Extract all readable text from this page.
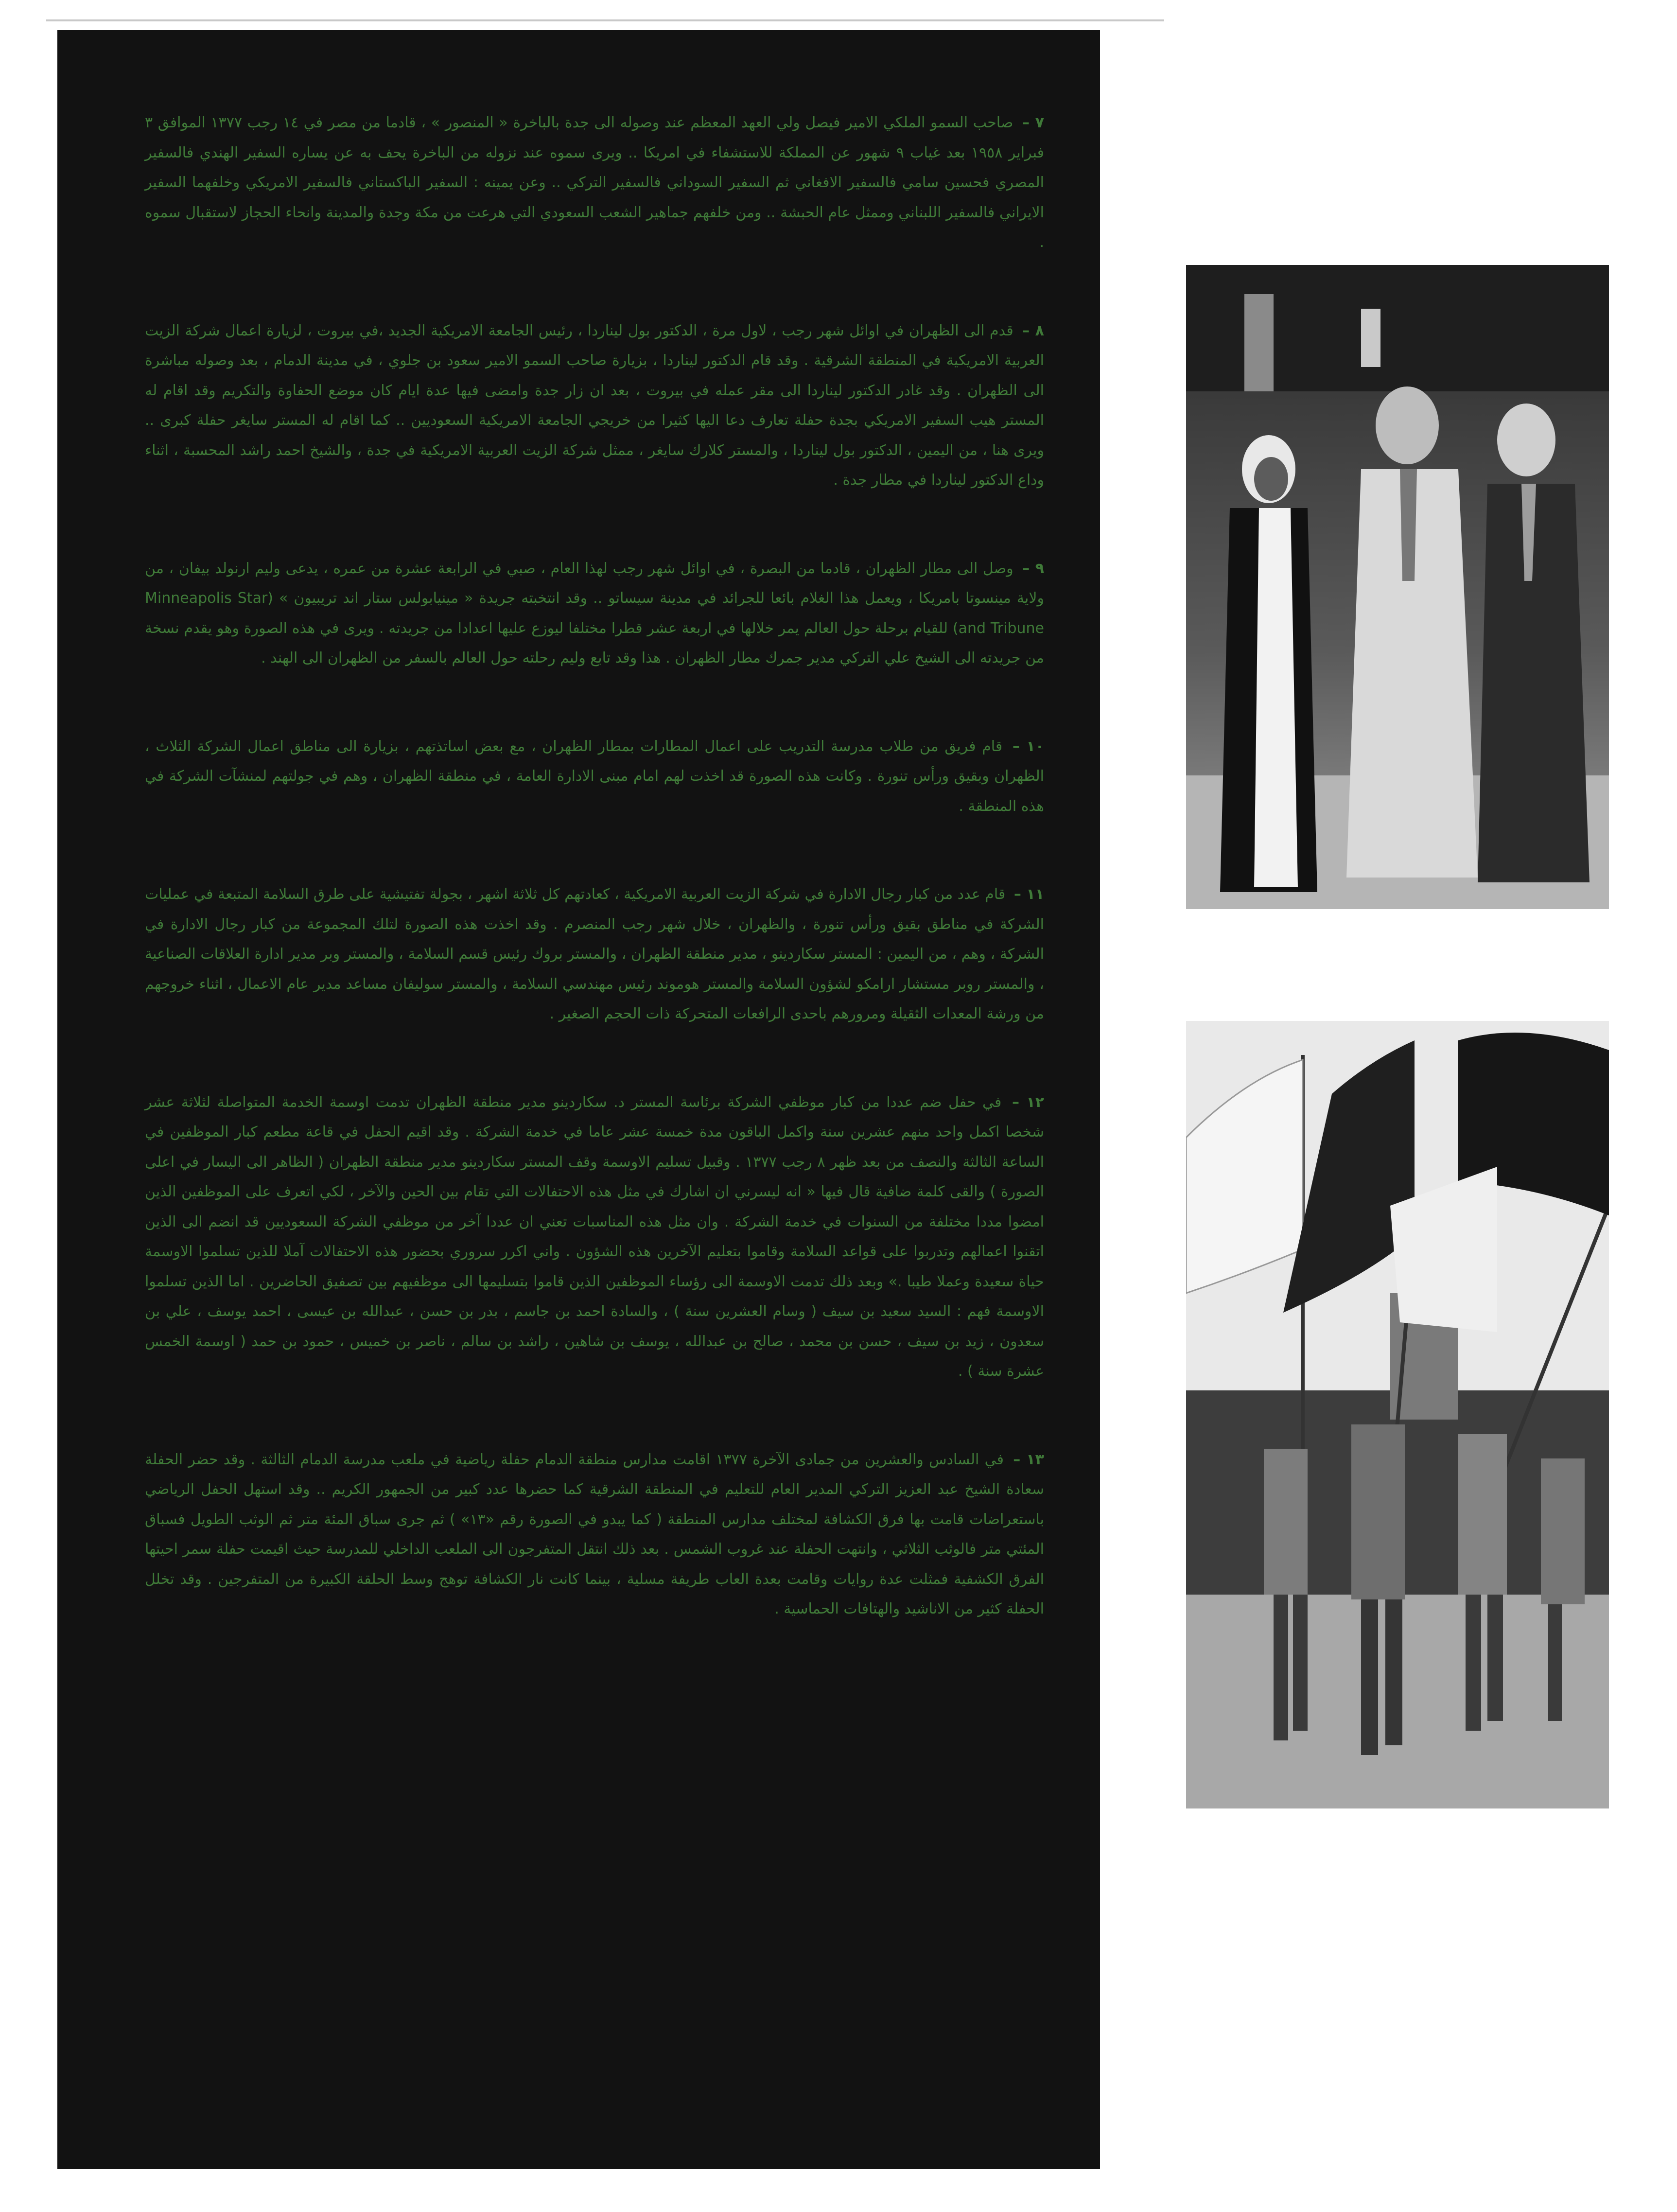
٧ – صاحب السمو الملكي الامير فيصل ولي العهد المعظم عند وصوله الى جدة بالباخرة « المنصور » ، قادما من مصر في ١٤ رجب ١٣٧٧ الموافق ٣ فبراير ١٩٥٨ بعد غياب ٩ شهور عن المملكة للاستشفاء في امريكا .. ويرى سموه عند نزوله من الباخرة يحف به عن يساره السفير الهندي فالسفير المصري فحسين سامي فالسفير الافغاني ثم السفير السوداني فالسفير التركي .. وعن يمينه : السفير الباكستاني فالسفير الامريكي وخلفهما السفير الايراني فالسفير اللبناني وممثل عام الحبشة .. ومن خلفهم جماهير الشعب السعودي التي هرعت من مكة وجدة والمدينة وانحاء الحجاز لاستقبال سموه .

٨ – قدم الى الظهران في اوائل شهر رجب ، لاول مرة ، الدكتور بول ليناردا ، رئيس الجامعة الامريكية الجديد ،في بيروت ، لزيارة اعمال شركة الزيت العربية الامريكية في المنطقة الشرقية . وقد قام الدكتور ليناردا ، بزيارة صاحب السمو الامير سعود بن جلوي ، في مدينة الدمام ، بعد وصوله مباشرة الى الظهران . وقد غادر الدكتور ليناردا الى مقر عمله في بيروت ، بعد ان زار جدة وامضى فيها عدة ايام كان موضع الحفاوة والتكريم وقد اقام له المستر هيب السفير الامريكي بجدة حفلة تعارف دعا اليها كثيرا من خريجي الجامعة الامريكية السعوديين .. كما اقام له المستر سايغر حفلة كبرى .. ويرى هنا ، من اليمين ، الدكتور بول ليناردا ، والمستر كلارك سايغر ، ممثل شركة الزيت العربية الامريكية في جدة ، والشيخ احمد راشد المحسبة ، اثناء وداع الدكتور ليناردا في مطار جدة .

٩ – وصل الى مطار الظهران ، قادما من البصرة ، في اوائل شهر رجب لهذا العام ، صبي في الرابعة عشرة من عمره ، يدعى وليم ارنولد بيفان ، من ولاية مينسوتا بامريكا ، ويعمل هذا الغلام بائعا للجرائد في مدينة سيساتو .. وقد انتخبته جريدة « مينيابولس ستار اند تريبيون » (Minneapolis Star and Tribune) للقيام برحلة حول العالم يمر خلالها في اربعة عشر قطرا مختلفا ليوزع عليها اعدادا من جريدته . ويرى في هذه الصورة وهو يقدم نسخة من جريدته الى الشيخ علي التركي مدير جمرك مطار الظهران . هذا وقد تابع وليم رحلته حول العالم بالسفر من الظهران الى الهند .

١٠ – قام فريق من طلاب مدرسة التدريب على اعمال المطارات بمطار الظهران ، مع بعض اساتذتهم ، بزيارة الى مناطق اعمال الشركة الثلاث ، الظهران وبقيق ورأس تنورة . وكانت هذه الصورة قد اخذت لهم امام مبنى الادارة العامة ، في منطقة الظهران ، وهم في جولتهم لمنشآت الشركة في هذه المنطقة .

١١ – قام عدد من كبار رجال الادارة في شركة الزيت العربية الامريكية ، كعادتهم كل ثلاثة اشهر ، بجولة تفتيشية على طرق السلامة المتبعة في عمليات الشركة في مناطق بقيق ورأس تنورة ، والظهران ، خلال شهر رجب المنصرم . وقد اخذت هذه الصورة لتلك المجموعة من كبار رجال الادارة في الشركة ، وهم ، من اليمين : المستر سكاردينو ، مدير منطقة الظهران ، والمستر بروك رئيس قسم السلامة ، والمستر وبر مدير ادارة العلاقات الصناعية ، والمستر روبر مستشار ارامكو لشؤون السلامة والمستر هوموند رئيس مهندسي السلامة ، والمستر سوليفان مساعد مدير عام الاعمال ، اثناء خروجهم من ورشة المعدات الثقيلة ومرورهم باحدى الرافعات المتحركة ذات الحجم الصغير .

١٢ – في حفل ضم عددا من كبار موظفي الشركة برئاسة المستر د. سكاردينو مدير منطقة الظهران تدمت اوسمة الخدمة المتواصلة لثلاثة عشر شخصا اكمل واحد منهم عشرين سنة واكمل الباقون مدة خمسة عشر عاما في خدمة الشركة . وقد اقيم الحفل في قاعة مطعم كبار الموظفين في الساعة الثالثة والنصف من بعد ظهر ٨ رجب ١٣٧٧ . وقبيل تسليم الاوسمة وقف المستر سكاردينو مدير منطقة الظهران ( الظاهر الى اليسار في اعلى الصورة ) والقى كلمة ضافية قال فيها « انه ليسرني ان اشارك في مثل هذه الاحتفالات التي تقام بين الحين والآخر ، لكي اتعرف على الموظفين الذين امضوا مددا مختلفة من السنوات في خدمة الشركة . وان مثل هذه المناسبات تعني ان عددا آخر من موظفي الشركة السعوديين قد انضم الى الذين اتقنوا اعمالهم وتدربوا على قواعد السلامة وقاموا بتعليم الآخرين هذه الشؤون . واني اكرر سروري بحضور هذه الاحتفالات آملا للذين تسلموا الاوسمة حياة سعيدة وعملا طيبا .» وبعد ذلك تدمت الاوسمة الى رؤساء الموظفين الذين قاموا بتسليمها الى موظفيهم بين تصفيق الحاضرين . اما الذين تسلموا الاوسمة فهم : السيد سعيد بن سيف ( وسام العشرين سنة ) ، والسادة احمد بن جاسم ، بدر بن حسن ، عبدالله بن عيسى ، احمد يوسف ، علي بن سعدون ، زيد بن سيف ، حسن بن محمد ، صالح بن عبدالله ، يوسف بن شاهين ، راشد بن سالم ، ناصر بن خميس ، حمود بن حمد ( اوسمة الخمس عشرة سنة ) .

١٣ – في السادس والعشرين من جمادى الآخرة ١٣٧٧ اقامت مدارس منطقة الدمام حفلة رياضية في ملعب مدرسة الدمام الثالثة . وقد حضر الحفلة سعادة الشيخ عبد العزيز التركي المدير العام للتعليم في المنطقة الشرقية كما حضرها عدد كبير من الجمهور الكريم .. وقد استهل الحفل الرياضي باستعراضات قامت بها فرق الكشافة لمختلف مدارس المنطقة ( كما يبدو في الصورة رقم «١٣» ) ثم جرى سباق المئة متر ثم الوثب الطويل فسباق المئتي متر فالوثب الثلاثي ، وانتهت الحفلة عند غروب الشمس . بعد ذلك انتقل المتفرجون الى الملعب الداخلي للمدرسة حيث اقيمت حفلة سمر احيتها الفرق الكشفية فمثلت عدة روايات وقامت بعدة العاب طريفة مسلية ، بينما كانت نار الكشافة توهج وسط الحلقة الكبيرة من المتفرجين . وقد تخلل الحفلة كثير من الاناشيد والهتافات الحماسية .
